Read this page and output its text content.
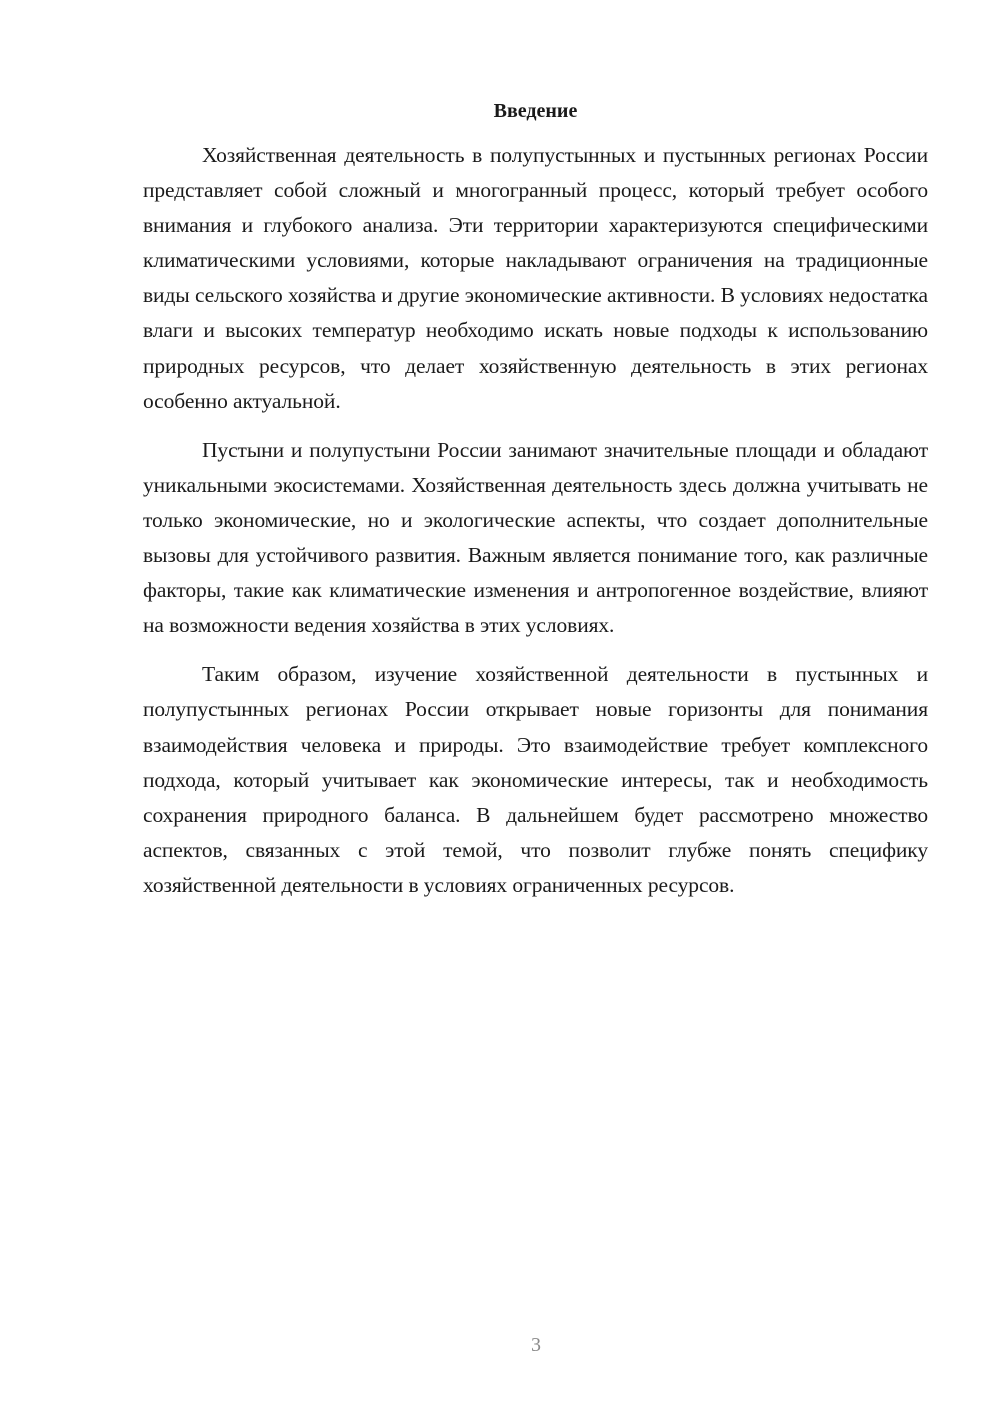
Введение

Хозяйственная деятельность в полупустынных и пустынных регионах России представляет собой сложный и многогранный процесс, который требует особого внимания и глубокого анализа. Эти территории характеризуются специфическими климатическими условиями, которые накладывают ограничения на традиционные виды сельского хозяйства и другие экономические активности. В условиях недостатка влаги и высоких температур необходимо искать новые подходы к использованию природных ресурсов, что делает хозяйственную деятельность в этих регионах особенно актуальной.

Пустыни и полупустыни России занимают значительные площади и обладают уникальными экосистемами. Хозяйственная деятельность здесь должна учитывать не только экономические, но и экологические аспекты, что создает дополнительные вызовы для устойчивого развития. Важным является понимание того, как различные факторы, такие как климатические изменения и антропогенное воздействие, влияют на возможности ведения хозяйства в этих условиях.

Таким образом, изучение хозяйственной деятельности в пустынных и полупустынных регионах России открывает новые горизонты для понимания взаимодействия человека и природы. Это взаимодействие требует комплексного подхода, который учитывает как экономические интересы, так и необходимость сохранения природного баланса. В дальнейшем будет рассмотрено множество аспектов, связанных с этой темой, что позволит глубже понять специфику хозяйственной деятельности в условиях ограниченных ресурсов.

3
